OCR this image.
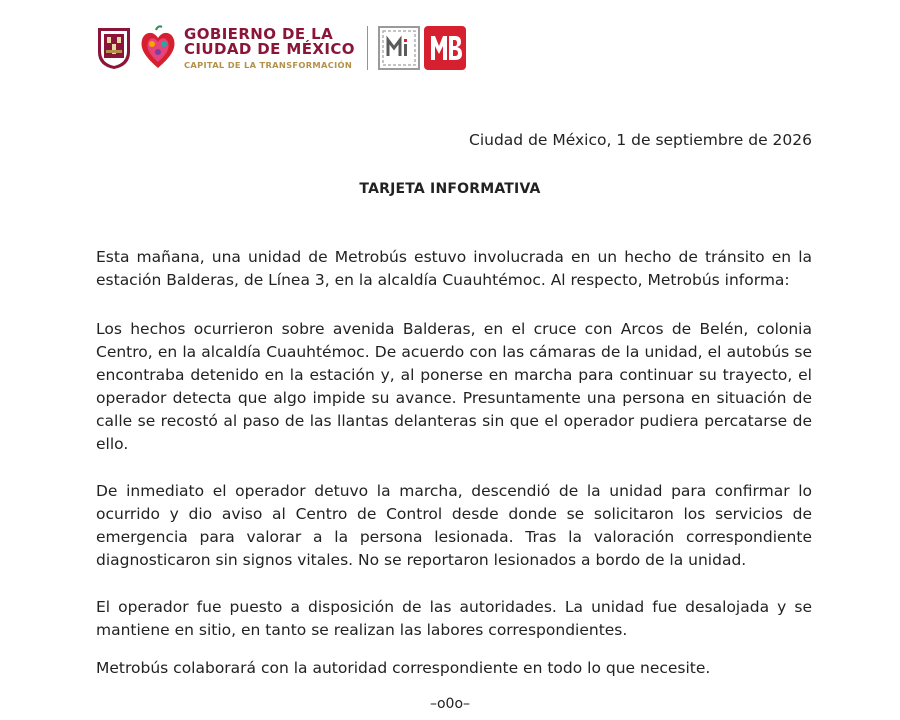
GOBIERNO DE LA
CIUDAD DE MÉXICO
CAPITAL DE LA TRANSFORMACIÓN
Ciudad de México, 1 de septiembre de 2026
TARJETA INFORMATIVA

Esta mañana, una unidad de Metrobús estuvo involucrada en un hecho de tránsito en la estación Balderas, de Línea 3, en la alcaldía Cuauhtémoc. Al respecto, Metrobús informa:

Los hechos ocurrieron sobre avenida Balderas, en el cruce con Arcos de Belén, colonia Centro, en la alcaldía Cuauhtémoc. De acuerdo con las cámaras de la unidad, el autobús se encontraba detenido en la estación y, al ponerse en marcha para continuar su trayecto, el operador detecta que algo impide su avance. Presuntamente una persona en situación de calle se recostó al paso de las llantas delanteras sin que el operador pudiera percatarse de ello.

De inmediato el operador detuvo la marcha, descendió de la unidad para confirmar lo ocurrido y dio aviso al Centro de Control desde donde se solicitaron los servicios de emergencia para valorar a la persona lesionada. Tras la valoración correspondiente diagnosticaron sin signos vitales. No se reportaron lesionados a bordo de la unidad.

El operador fue puesto a disposición de las autoridades. La unidad fue desalojada y se mantiene en sitio, en tanto se realizan las labores correspondientes.

Metrobús colaborará con la autoridad correspondiente en todo lo que necesite.

–o0o–
